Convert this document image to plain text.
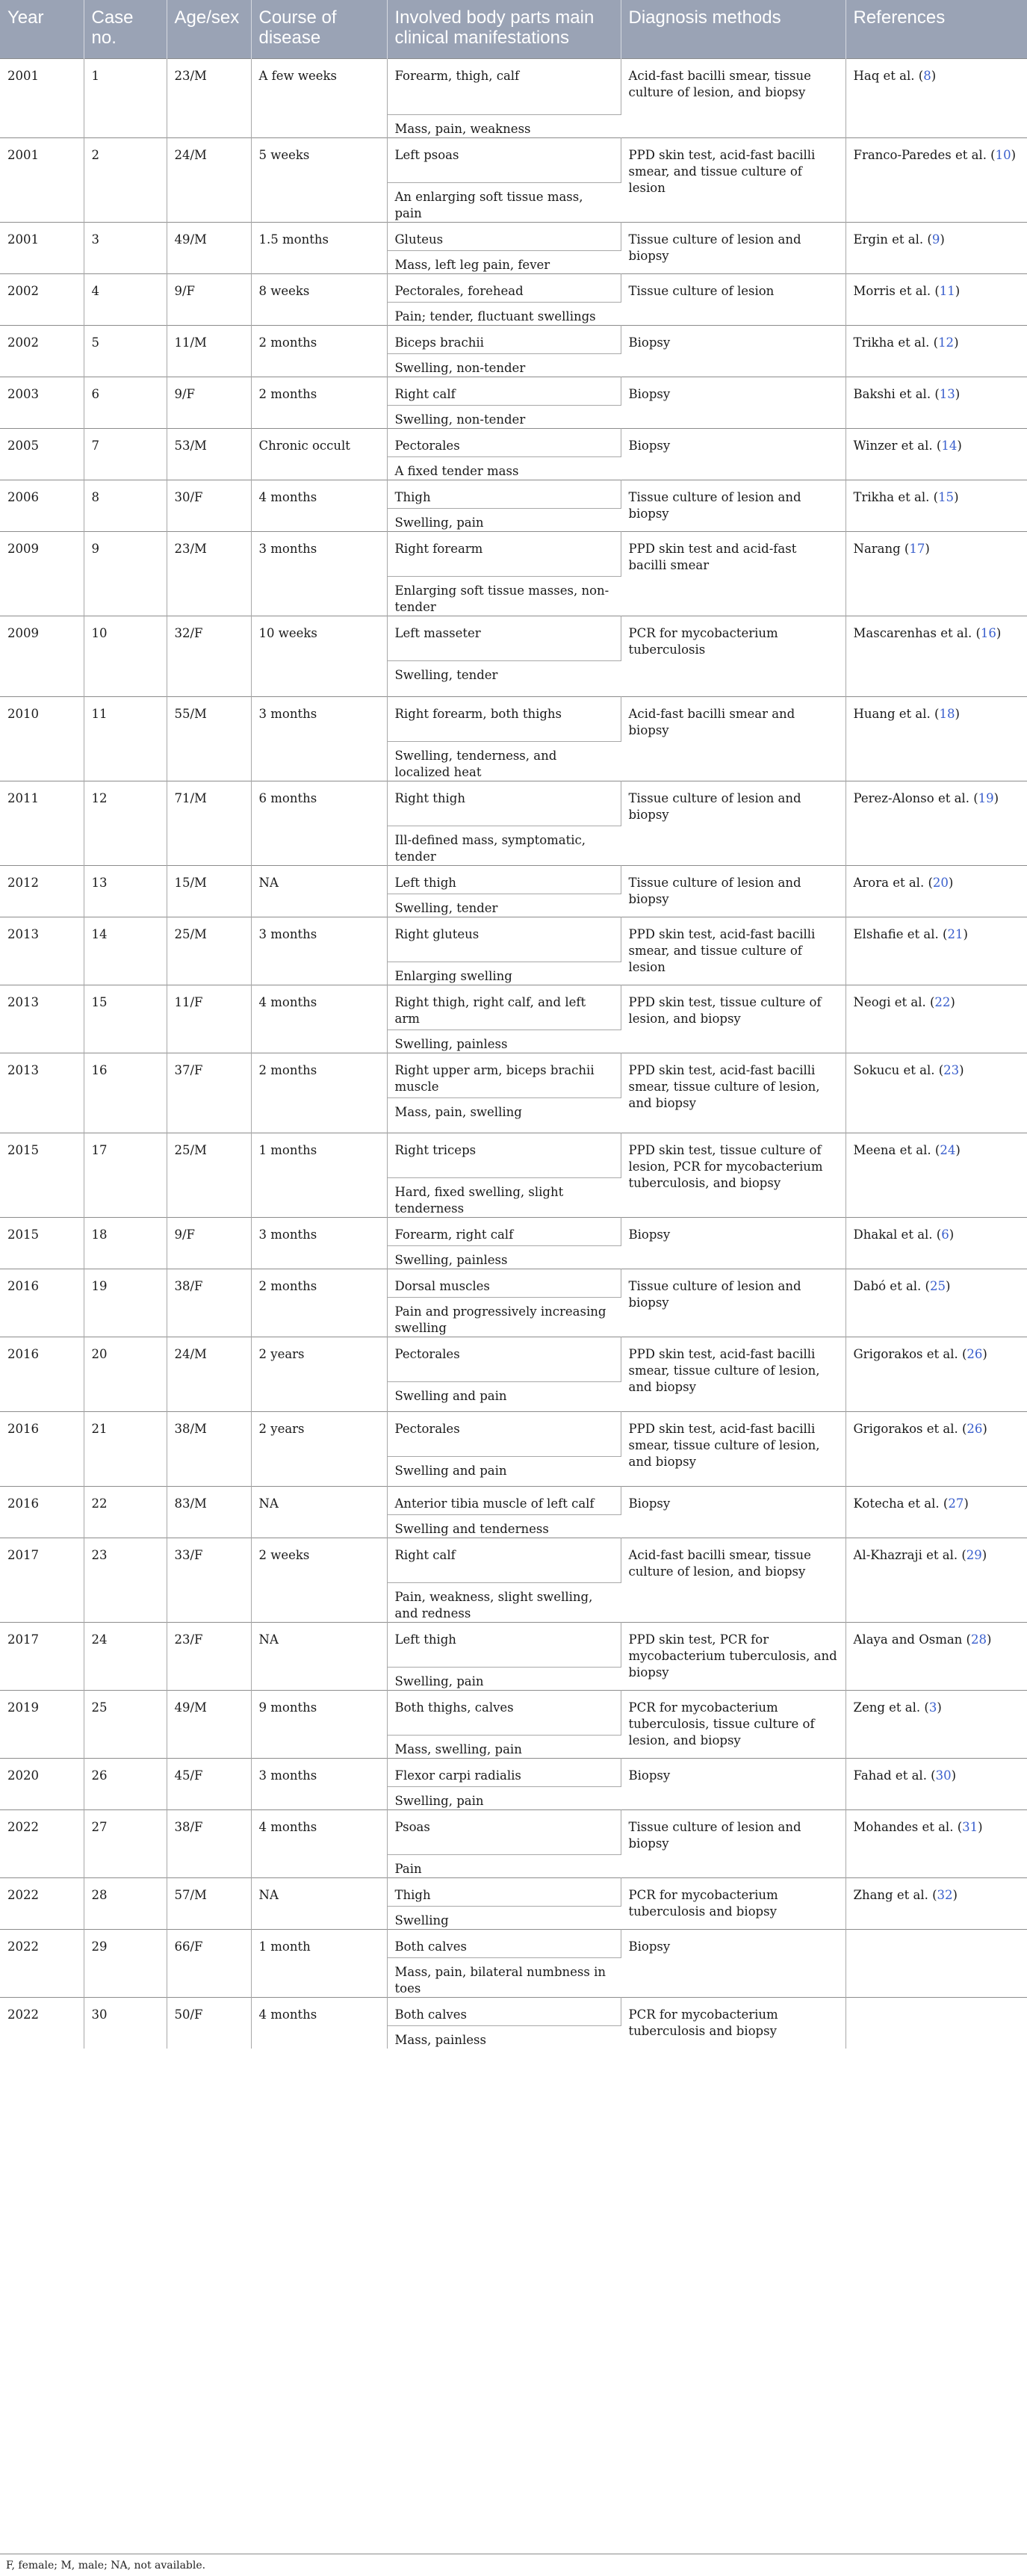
Year	Case no.	Age/sex	Course of disease	Involved body parts main clinical manifestations	Diagnosis methods	References
2001	1	23/M	A few weeks	Forearm, thigh, calf	Acid-fast bacilli smear, tissue culture of lesion, and biopsy	Haq et al. (8)
				Mass, pain, weakness		
2001	2	24/M	5 weeks	Left psoas	PPD skin test, acid-fast bacilli smear, and tissue culture of lesion	Franco-Paredes et al. (10)
				An enlarging soft tissue mass, pain		
2001	3	49/M	1.5 months	Gluteus	Tissue culture of lesion and biopsy	Ergin et al. (9)
				Mass, left leg pain, fever		
2002	4	9/F	8 weeks	Pectorales, forehead	Tissue culture of lesion	Morris et al. (11)
				Pain; tender, fluctuant swellings		
2002	5	11/M	2 months	Biceps brachii	Biopsy	Trikha et al. (12)
				Swelling, non-tender		
2003	6	9/F	2 months	Right calf	Biopsy	Bakshi et al. (13)
				Swelling, non-tender		
2005	7	53/M	Chronic occult	Pectorales	Biopsy	Winzer et al. (14)
				A fixed tender mass		
2006	8	30/F	4 months	Thigh	Tissue culture of lesion and biopsy	Trikha et al. (15)
				Swelling, pain		
2009	9	23/M	3 months	Right forearm	PPD skin test and acid-fast bacilli smear	Narang (17)
				Enlarging soft tissue masses, non-tender		
2009	10	32/F	10 weeks	Left masseter	PCR for mycobacterium tuberculosis	Mascarenhas et al. (16)
				Swelling, tender		
2010	11	55/M	3 months	Right forearm, both thighs	Acid-fast bacilli smear and biopsy	Huang et al. (18)
				Swelling, tenderness, and localized heat		
2011	12	71/M	6 months	Right thigh	Tissue culture of lesion and biopsy	Perez-Alonso et al. (19)
				Ill-defined mass, symptomatic, tender		
2012	13	15/M	NA	Left thigh	Tissue culture of lesion and biopsy	Arora et al. (20)
				Swelling, tender		
2013	14	25/M	3 months	Right gluteus	PPD skin test, acid-fast bacilli smear, and tissue culture of lesion	Elshafie et al. (21)
				Enlarging swelling		
2013	15	11/F	4 months	Right thigh, right calf, and left arm	PPD skin test, tissue culture of lesion, and biopsy	Neogi et al. (22)
				Swelling, painless		
2013	16	37/F	2 months	Right upper arm, biceps brachii muscle	PPD skin test, acid-fast bacilli smear, tissue culture of lesion, and biopsy	Sokucu et al. (23)
				Mass, pain, swelling		
2015	17	25/M	1 months	Right triceps	PPD skin test, tissue culture of lesion, PCR for mycobacterium tuberculosis, and biopsy	Meena et al. (24)
				Hard, fixed swelling, slight tenderness		
2015	18	9/F	3 months	Forearm, right calf	Biopsy	Dhakal et al. (6)
				Swelling, painless		
2016	19	38/F	2 months	Dorsal muscles	Tissue culture of lesion and biopsy	Dabó et al. (25)
				Pain and progressively increasing swelling		
2016	20	24/M	2 years	Pectorales	PPD skin test, acid-fast bacilli smear, tissue culture of lesion, and biopsy	Grigorakos et al. (26)
				Swelling and pain		
2016	21	38/M	2 years	Pectorales	PPD skin test, acid-fast bacilli smear, tissue culture of lesion, and biopsy	Grigorakos et al. (26)
				Swelling and pain		
2016	22	83/M	NA	Anterior tibia muscle of left calf	Biopsy	Kotecha et al. (27)
				Swelling and tenderness		
2017	23	33/F	2 weeks	Right calf	Acid-fast bacilli smear, tissue culture of lesion, and biopsy	Al-Khazraji et al. (29)
				Pain, weakness, slight swelling, and redness		
2017	24	23/F	NA	Left thigh	PPD skin test, PCR for mycobacterium tuberculosis, and biopsy	Alaya and Osman (28)
				Swelling, pain		
2019	25	49/M	9 months	Both thighs, calves	PCR for mycobacterium tuberculosis, tissue culture of lesion, and biopsy	Zeng et al. (3)
				Mass, swelling, pain		
2020	26	45/F	3 months	Flexor carpi radialis	Biopsy	Fahad et al. (30)
				Swelling, pain		
2022	27	38/F	4 months	Psoas	Tissue culture of lesion and biopsy	Mohandes et al. (31)
				Pain		
2022	28	57/M	NA	Thigh	PCR for mycobacterium tuberculosis and biopsy	Zhang et al. (32)
				Swelling		
2022	29	66/F	1 month	Both calves	Biopsy	
				Mass, pain, bilateral numbness in toes		
2022	30	50/F	4 months	Both calves	PCR for mycobacterium tuberculosis and biopsy	
				Mass, painless		
F, female; M, male; NA, not available.
